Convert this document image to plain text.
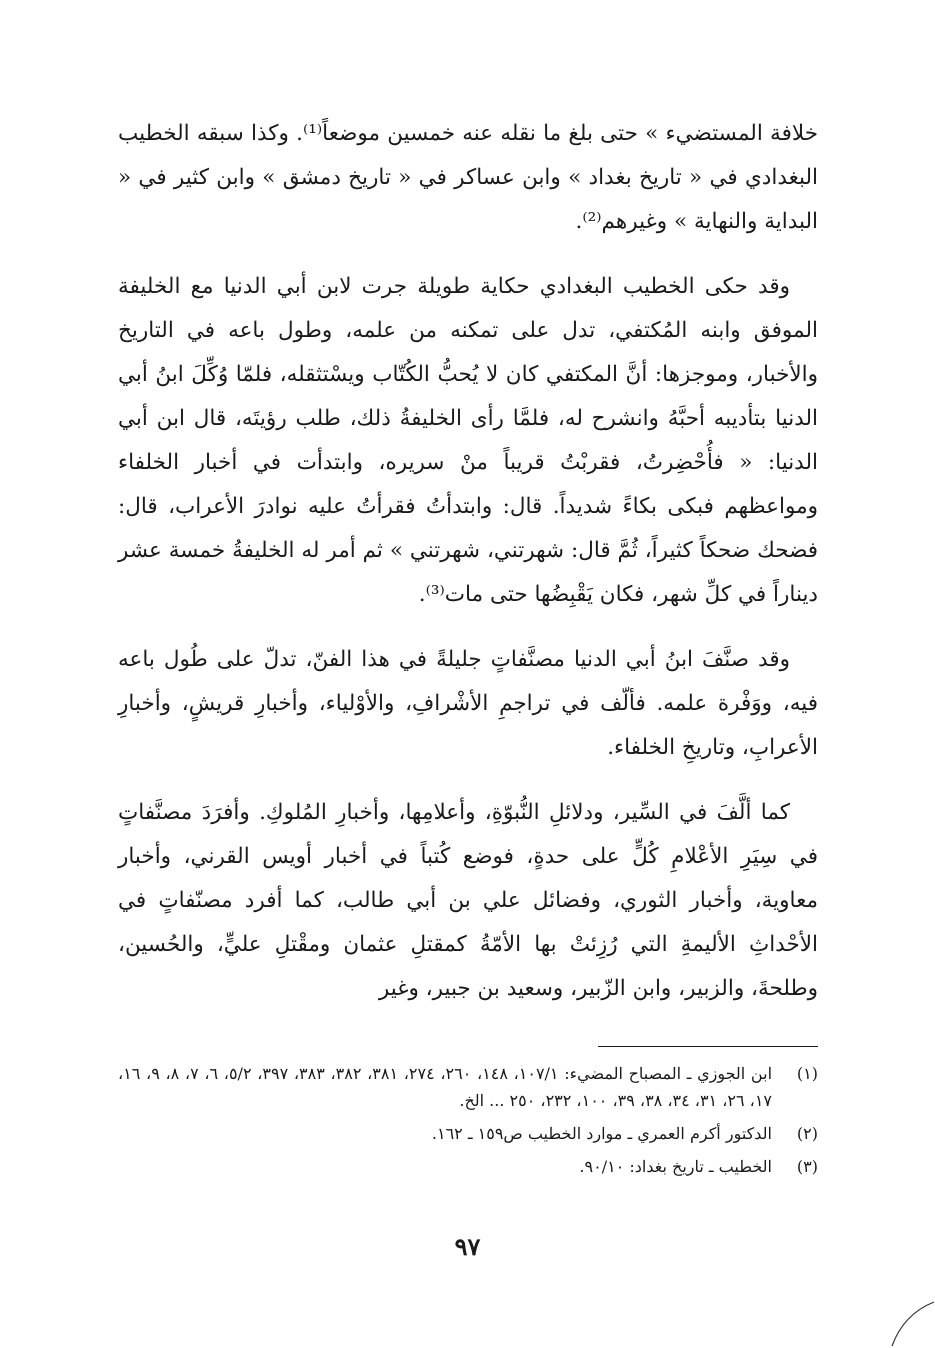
خلافة المستضيء » حتى بلغ ما نقله عنه خمسين موضعاً⁽¹⁾. وكذا سبقه الخطيب البغدادي في « تاريخ بغداد » وابن عساكر في « تاريخ دمشق » وابن كثير في « البداية والنهاية » وغيرهم⁽²⁾.

وقد حكى الخطيب البغدادي حكاية طويلة جرت لابن أبي الدنيا مع الخليفة الموفق وابنه المُكتفي، تدل على تمكنه من علمه، وطول باعه في التاريخ والأخبار، وموجزها: أنَّ المكتفي كان لا يُحبُّ الكُتّاب ويسْتثقله، فلمّا وُكِّلَ ابنُ أبي الدنيا بتأديبه أحبَّهُ وانشرح له، فلمَّا رأى الخليفةُ ذلك، طلب رؤيتَه، قال ابن أبي الدنيا: « فأُحْضِرتُ، فقربْتُ قريباً منْ سريره، وابتدأت في أخبار الخلفاء ومواعظهم فبكى بكاءً شديداً. قال: وابتدأتُ فقرأتُ عليه نوادرَ الأعراب، قال: فضحك ضحكاً كثيراً، ثُمَّ قال: شهرتني، شهرتني » ثم أمر له الخليفةُ خمسة عشر ديناراً في كلِّ شهر، فكان يَقْبِضُها حتى مات⁽³⁾.

وقد صنَّفَ ابنُ أبي الدنيا مصنَّفاتٍ جليلةً في هذا الفنّ، تدلّ على طُول باعه فيه، ووَفْرة علمه. فألّف في تراجمِ الأشْرافِ، والأوْلياء، وأخبارِ قريشٍ، وأخبارِ الأعرابِ، وتاريخِ الخلفاء.

كما ألَّفَ في السِّير، ودلائلِ النُّبوّةِ، وأعلامِها، وأخبارِ المُلوكِ. وأفرَدَ مصنَّفاتٍ في سِيَرِ الأعْلامِ كُلٍّ على حدةٍ، فوضع كُتباً في أخبار أويس القرني، وأخبار معاوية، وأخبار الثوري، وفضائل علي بن أبي طالب، كما أفرد مصنّفاتٍ في الأحْداثِ الأليمةِ التي رُزِئتْ بها الأمّةُ كمقتلِ عثمان ومقْتلِ عليٍّ، والحُسين، وطلحةَ، والزبير، وابن الزّبير، وسعيد بن جبير، وغير

(١)
ابن الجوزي ـ المصباح المضيء: ١٠٧/١، ١٤٨، ٢٦٠، ٢٧٤، ٣٨١، ٣٨٢، ٣٨٣، ٣٩٧، ٥/٢، ٦، ٧، ٨، ٩، ١٦، ١٧، ٢٦، ٣١، ٣٤، ٣٨، ٣٩، ١٠٠، ٢٣٢، ٢٥٠ ... الخ.
(٢)
الدكتور أكرم العمري ـ موارد الخطيب ص١٥٩ ـ ١٦٢.
(٣)
الخطيب ـ تاريخ بغداد: ٩٠/١٠.
٩٧
